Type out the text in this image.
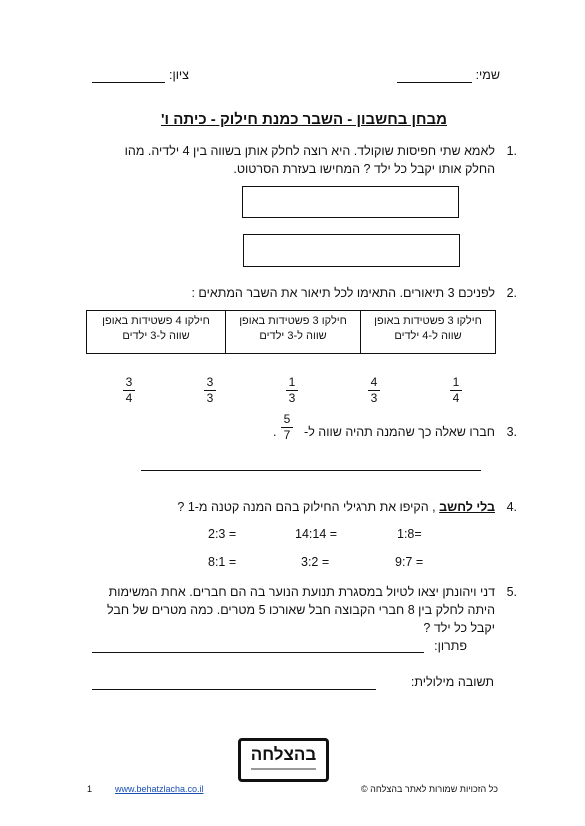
שמי:
ציון:
מבחן בחשבון - השבר כמנת חילוק - כיתה ו'
1.
לאמא שתי חפיסות שוקולד. היא רוצה לחלק אותן בשווה בין 4 ילדיה. מהו
החלק אותו יקבל כל ילד ? המחישו בעזרת הסרטוט.
2.
לפניכם 3 תיאורים. התאימו לכל תיאור את השבר המתאים :
חילקו 3 פשטידות באופן שווה ל-4 ילדים	חילקו 3 פשטידות באופן שווה ל-3 ילדים	חילקו 4 פשטידות באופן שווה ל-3 ילדים
3
4
3
3
1
3
4
3
1
4
3.
חברו שאלה כך שהמנה תהיה שווה ל-
5
7
.
4.
בלי לחשב , הקיפו את תרגילי החילוק בהם המנה קטנה מ-1 ?
1:8=
14:14 =
2:3 =
9:7 =
3:2 =
8:1 =
5.
דני ויהונתן יצאו לטיול במסגרת תנועת הנוער בה הם חברים. אחת המשימות
היתה לחלק בין 8 חברי הקבוצה חבל שאורכו 5 מטרים. כמה מטרים של חבל
יקבל כל ילד ?
פתרון:
תשובה מילולית:
בהצלחה
1	www.behatzlacha.co.il	כל הזכויות שמורות לאתר בהצלחה ©
